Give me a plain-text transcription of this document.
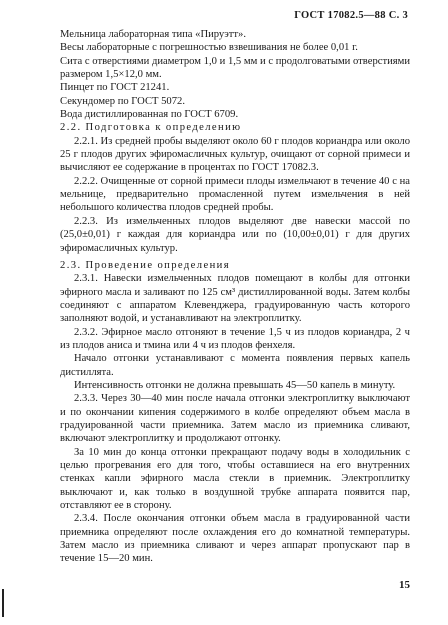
ГОСТ 17082.5—88 С. 3

Мельница лабораторная типа «Пируэтт».

Весы лабораторные с погрешностью взвешивания не более 0,01 г.

Сита с отверстиями диаметром 1,0 и 1,5 мм и с продолговатыми отверстиями размером 1,5×12,0 мм.

Пинцет по ГОСТ 21241.

Секундомер по ГОСТ 5072.

Вода дистиллированная по ГОСТ 6709.

2.2. Подготовка к определению

2.2.1. Из средней пробы выделяют около 60 г плодов кориандра или около 25 г плодов других эфиромасличных культур, очищают от сорной примеси и вычисляют ее содержание в процентах по ГОСТ 17082.3.

2.2.2. Очищенные от сорной примеси плоды измельчают в течение 40 с на мельнице, предварительно промасленной путем измельчения в ней небольшого количества плодов средней пробы.

2.2.3. Из измельченных плодов выделяют две навески массой по (25,0±0,01) г каждая для кориандра или по (10,00±0,01) г для других эфиромасличных культур.

2.3. Проведение определения

2.3.1. Навески измельченных плодов помещают в колбы для отгонки эфирного масла и заливают по 125 см³ дистиллированной воды. Затем колбы соединяют с аппаратом Клевенджера, градуированную часть которого заполняют водой, и устанавливают на электроплитку.

2.3.2. Эфирное масло отгоняют в течение 1,5 ч из плодов кориандра, 2 ч из плодов аниса и тмина или 4 ч из плодов фенхеля.

Начало отгонки устанавливают с момента появления первых капель дистиллята.

Интенсивность отгонки не должна превышать 45—50 капель в минуту.

2.3.3. Через 30—40 мин после начала отгонки электроплитку выключают и по окончании кипения содержимого в колбе определяют объем масла в градуированной части приемника. Затем масло из приемника сливают, включают электроплитку и продолжают отгонку.

За 10 мин до конца отгонки прекращают подачу воды в холодильник с целью прогревания его для того, чтобы оставшиеся на его внутренних стенках капли эфирного масла стекли в приемник. Электроплитку выключают и, как только в воздушной трубке аппарата появится пар, отставляют ее в сторону.

2.3.4. После окончания отгонки объем масла в градуированной части приемника определяют после охлаждения его до комнатной температуры. Затем масло из приемника сливают и через аппарат пропускают пар в течение 15—20 мин.

15
